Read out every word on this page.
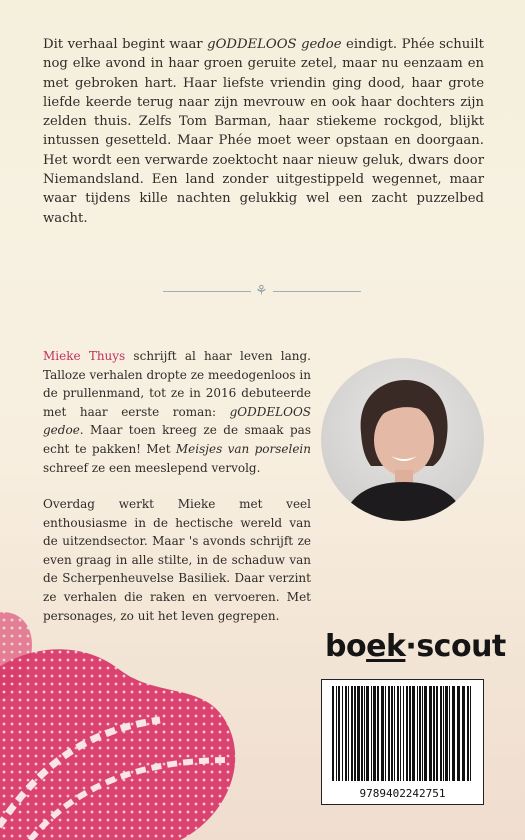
Dit verhaal begint waar gODDELOOS gedoe eindigt. Phée schuilt nog elke avond in haar groen geruite zetel, maar nu eenzaam en met gebroken hart. Haar liefste vriendin ging dood, haar grote liefde keerde terug naar zijn mevrouw en ook haar dochters zijn zelden thuis. Zelfs Tom Barman, haar stiekeme rockgod, blijkt intussen gesetteld. Maar Phée moet weer opstaan en doorgaan. Het wordt een verwarde zoektocht naar nieuw geluk, dwars door Niemandsland. Een land zonder uitgestippeld wegennet, maar waar tijdens kille nachten gelukkig wel een zacht puzzelbed wacht.

⚘

Mieke Thuys schrijft al haar leven lang. Talloze verhalen dropte ze meedogenloos in de prullenmand, tot ze in 2016 debuteerde met haar eerste roman: gODDELOOS gedoe. Maar toen kreeg ze de smaak pas echt te pakken! Met Meisjes van porselein schreef ze een meeslepend vervolg.

Overdag werkt Mieke met veel enthousiasme in de hectische wereld van de uitzendsector. Maar 's avonds schrijft ze even graag in alle stilte, in de schaduw van de Scherpenheuvelse Basiliek. Daar verzint ze verhalen die raken en vervoeren. Met personages, zo uit het leven gegrepen.

boek·scout
9789402242751
